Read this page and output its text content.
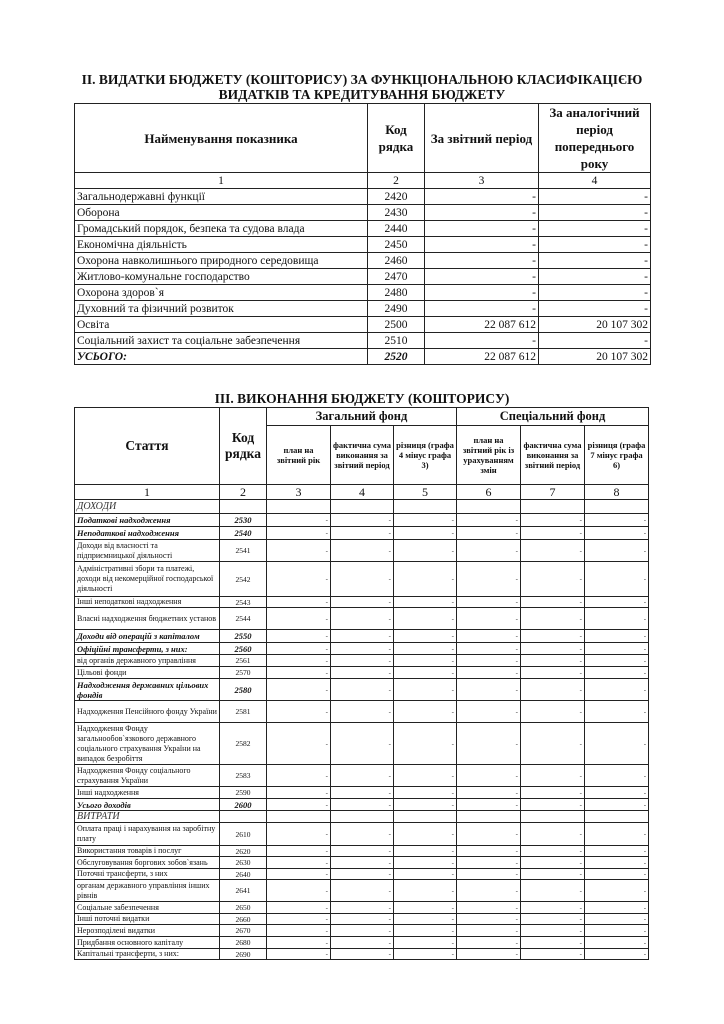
II. ВИДАТКИ БЮДЖЕТУ (КОШТОРИСУ) ЗА ФУНКЦІОНАЛЬНОЮ КЛАСИФІКАЦІЄЮ
ВИДАТКІВ ТА КРЕДИТУВАННЯ БЮДЖЕТУ
Найменування показника	Код рядка	За звітний період	За аналогічний період попереднього року
1	2	3	4
Загальнодержавні функції	2420	-	-
Оборона	2430	-	-
Громадський порядок, безпека та судова влада	2440	-	-
Економічна діяльність	2450	-	-
Охорона навколишнього природного середовища	2460	-	-
Житлово-комунальне господарство	2470	-	-
Охорона здоров`я	2480	-	-
Духовний та фізичний розвиток	2490	-	-
Освіта	2500	22 087 612	20 107 302
Соціальний захист та соціальне забезпечення	2510	-	-
УСЬОГО:	2520	22 087 612	20 107 302
III. ВИКОНАННЯ БЮДЖЕТУ (КОШТОРИСУ)
Стаття	Код рядка	Загальний фонд			Спеціальний фонд		
		план на звітний рік	фактична сума виконання за звітний період	різниця (графа 4 мінус графа 3)	план на звітний рік із урахуванням змін	фактична сума виконання за звітний період	різниця (графа 7 мінус графа 6)
1	2	3	4	5	6	7	8
ДОХОДИ							
Податкові надходження	2530	-	-	-	-	-	-
Неподаткові надходження	2540	-	-	-	-	-	-
Доходи від власності та підприємницької діяльності	2541	-	-	-	-	-	-
Адміністративні збори та платежі, доходи від некомерційної господарської діяльності	2542	-	-	-	-	-	-
Інші неподаткові надходження	2543	-	-	-	-	-	-
Власні надходження бюджетних установ	2544	-	-	-	-	-	-
Доходи від операцій з капіталом	2550	-	-	-	-	-	-
Офіційні трансферти, з них:	2560	-	-	-	-	-	-
від органів державного управління	2561	-	-	-	-	-	-
Цільові фонди	2570	-	-	-	-	-	-
Надходження державних цільових фондів	2580	-	-	-	-	-	-
Надходження Пенсійного фонду України	2581	-	-	-	-	-	-
Надходження Фонду загальнообов`язкового державного соціального страхування України на випадок безробіття	2582	-	-	-	-	-	-
Надходження Фонду соціального страхування України	2583	-	-	-	-	-	-
Інші надходження	2590	-	-	-	-	-	-
Усього доходів	2600	-	-	-	-	-	-
ВИТРАТИ							
Оплата праці і нарахування на заробітну плату	2610	-	-	-	-	-	-
Використання товарів і послуг	2620	-	-	-	-	-	-
Обслуговування боргових зобов`язань	2630	-	-	-	-	-	-
Поточні трансферти, з них	2640	-	-	-	-	-	-
органам державного управління інших рівнів	2641	-	-	-	-	-	-
Соціальне забезпечення	2650	-	-	-	-	-	-
Інші поточні видатки	2660	-	-	-	-	-	-
Нерозподілені видатки	2670	-	-	-	-	-	-
Придбання основного капіталу	2680	-	-	-	-	-	-
Капітальні трансферти, з них:	2690	-	-	-	-	-	-
